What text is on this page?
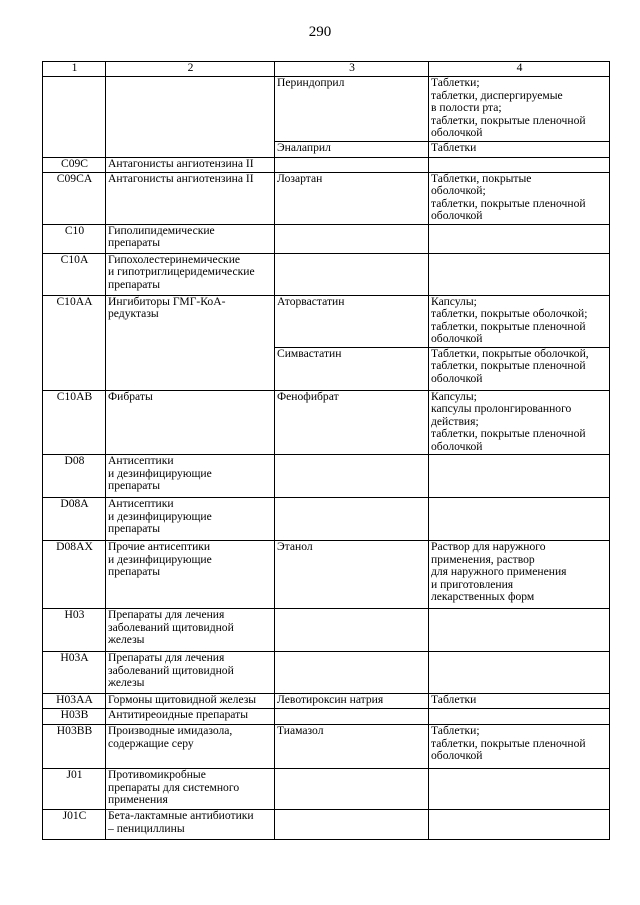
290
1	2	3	4
		Периндоприл	Таблетки;
таблетки, диспергируемые
в полости рта;
таблетки, покрытые пленочной
оболочкой

		Эналаприл	Таблетки
C09C	Антагонисты ангиотензина II		
C09CA	Антагонисты ангиотензина II	Лозартан	Таблетки, покрытые
оболочкой;
таблетки, покрытые пленочной
оболочкой

C10	Гиполипидемические
препараты		

C10A	Гипохолестеринемические
и гипотриглицеридемические
препараты		

C10AA	Ингибиторы ГМГ-КоА-
редуктазы	Аторвастатин	Капсулы;
таблетки, покрытые оболочкой;
таблетки, покрытые пленочной
оболочкой

		Симвастатин	Таблетки, покрытые оболочкой,
таблетки, покрытые пленочной
оболочкой

C10AB	Фибраты	Фенофибрат	Капсулы;
капсулы пролонгированного
действия;
таблетки, покрытые пленочной
оболочкой

D08	Антисептики
и дезинфицирующие
препараты		

D08A	Антисептики
и дезинфицирующие
препараты		

D08AX	Прочие антисептики
и дезинфицирующие
препараты	Этанол	Раствор для наружного
применения, раствор
для наружного применения
и приготовления
лекарственных форм

H03	Препараты для лечения
заболеваний щитовидной
железы		

H03A	Препараты для лечения
заболеваний щитовидной
железы		

H03AA	Гормоны щитовидной железы	Левотироксин натрия	Таблетки
H03B	Антитиреоидные препараты		
H03BB	Производные имидазола,
содержащие серу	Тиамазол	Таблетки;
таблетки, покрытые пленочной
оболочкой

J01	Противомикробные
препараты для системного
применения		

J01C	Бета-лактамные антибиотики
– пенициллины		
